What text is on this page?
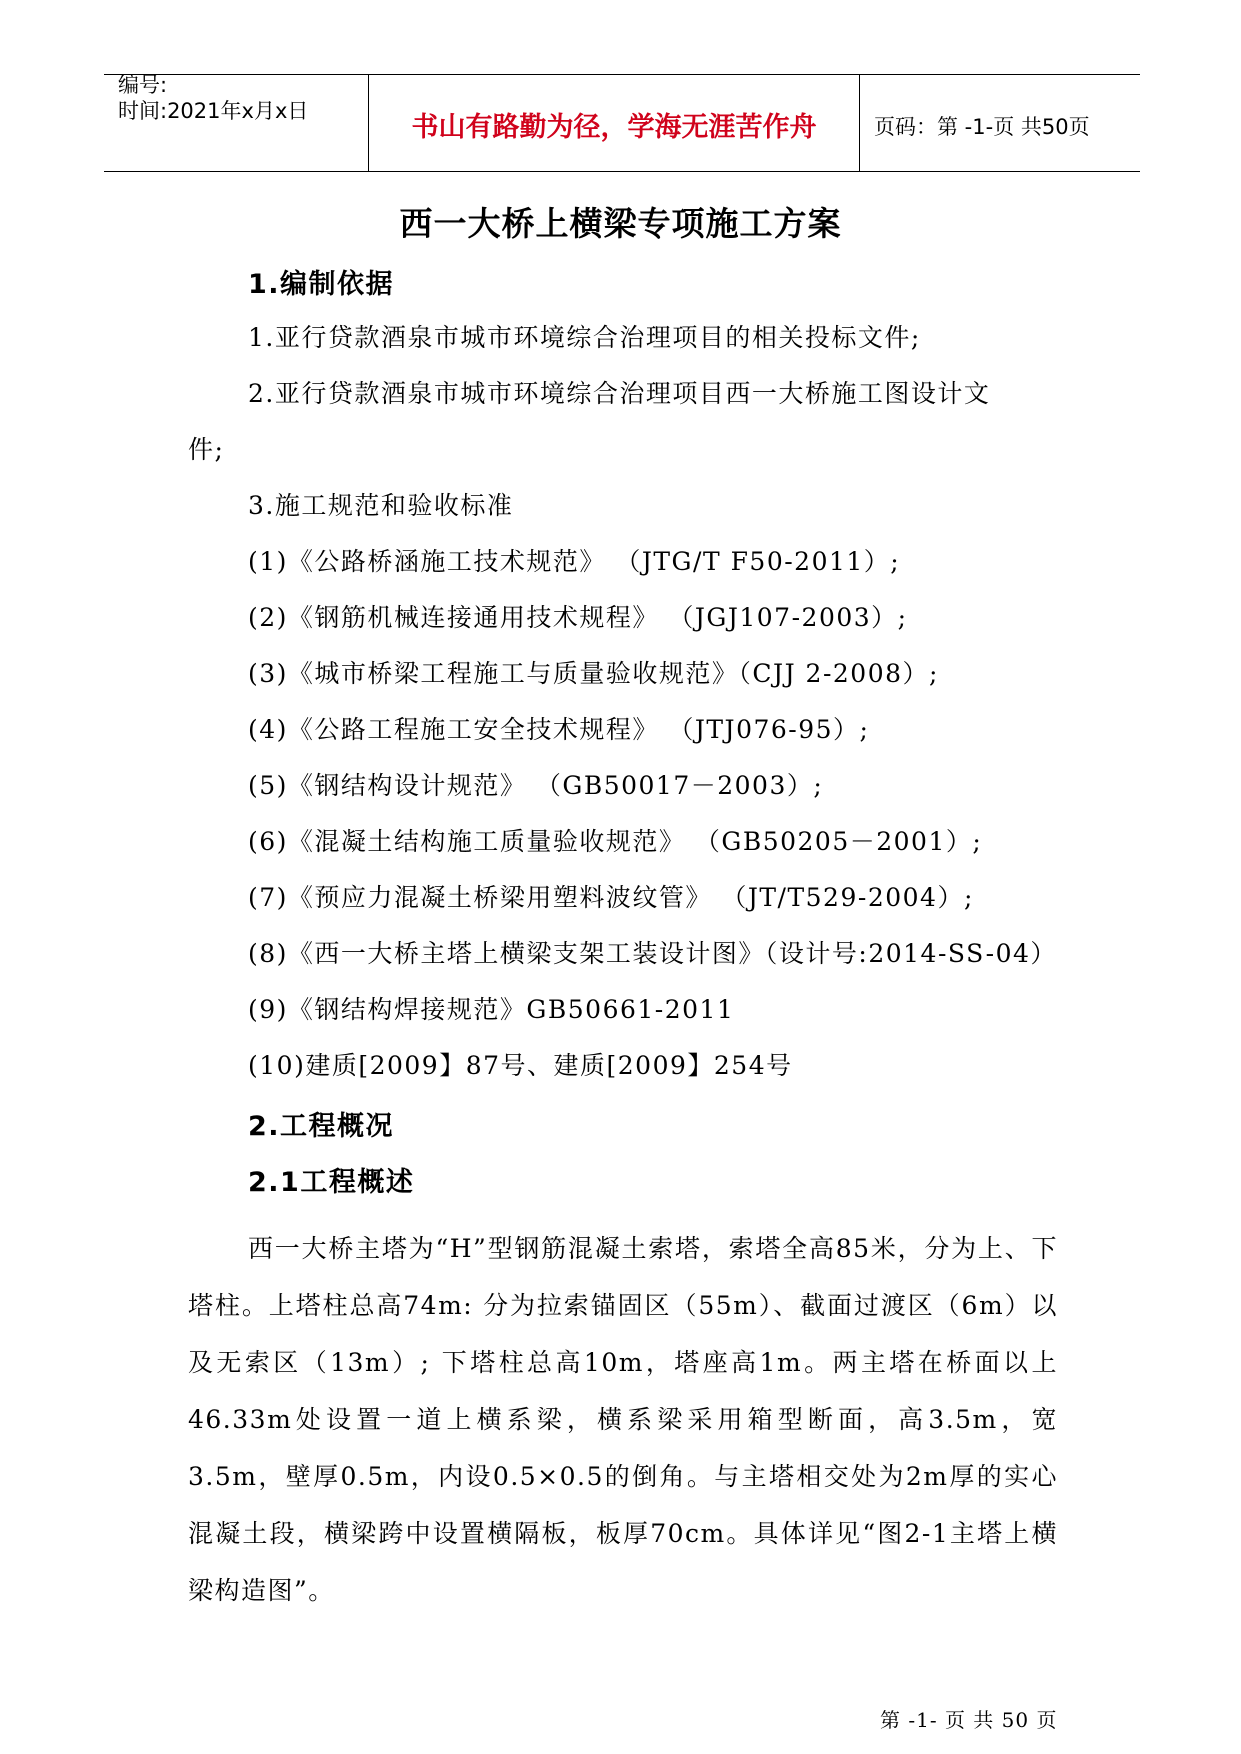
编号:
时间:2021年x月x日
书山有路勤为径，学海无涯苦作舟	页码：第 -1-页 共50页
西一大桥上横梁专项施工方案
1.编制依据
1.亚行贷款酒泉市城市环境综合治理项目的相关投标文件;
2.亚行贷款酒泉市城市环境综合治理项目西一大桥施工图设计文
件;
3.施工规范和验收标准
(1)《公路桥涵施工技术规范》 （JTG/T F50-2011）;
(2)《钢筋机械连接通用技术规程》 （JGJ107-2003）;
(3)《城市桥梁工程施工与质量验收规范》（CJJ 2-2008）;
(4)《公路工程施工安全技术规程》 （JTJ076-95）;
(5)《钢结构设计规范》 （GB50017－2003）;
(6)《混凝土结构施工质量验收规范》 （GB50205－2001）;
(7)《预应力混凝土桥梁用塑料波纹管》 （JT/T529-2004）;
(8)《西一大桥主塔上横梁支架工装设计图》（设计号:2014-SS-04）
(9)《钢结构焊接规范》GB50661-2011
(10)建质[2009】87号、建质[2009】254号
2.工程概况
2.1工程概述
西一大桥主塔为“H”型钢筋混凝土索塔，索塔全高85米，分为上、下塔柱。上塔柱总高74m: 分为拉索锚固区（55m）、截面过渡区（6m）以及无索区（13m）; 下塔柱总高10m，塔座高1m。两主塔在桥面以上46.33m处设置一道上横系梁，横系梁采用箱型断面，高3.5m，宽3.5m，壁厚0.5m，内设0.5×0.5的倒角。与主塔相交处为2m厚的实心混凝土段，横梁跨中设置横隔板，板厚70cm。具体详见“图2-1主塔上横梁构造图”。
第 -1- 页 共 50 页
